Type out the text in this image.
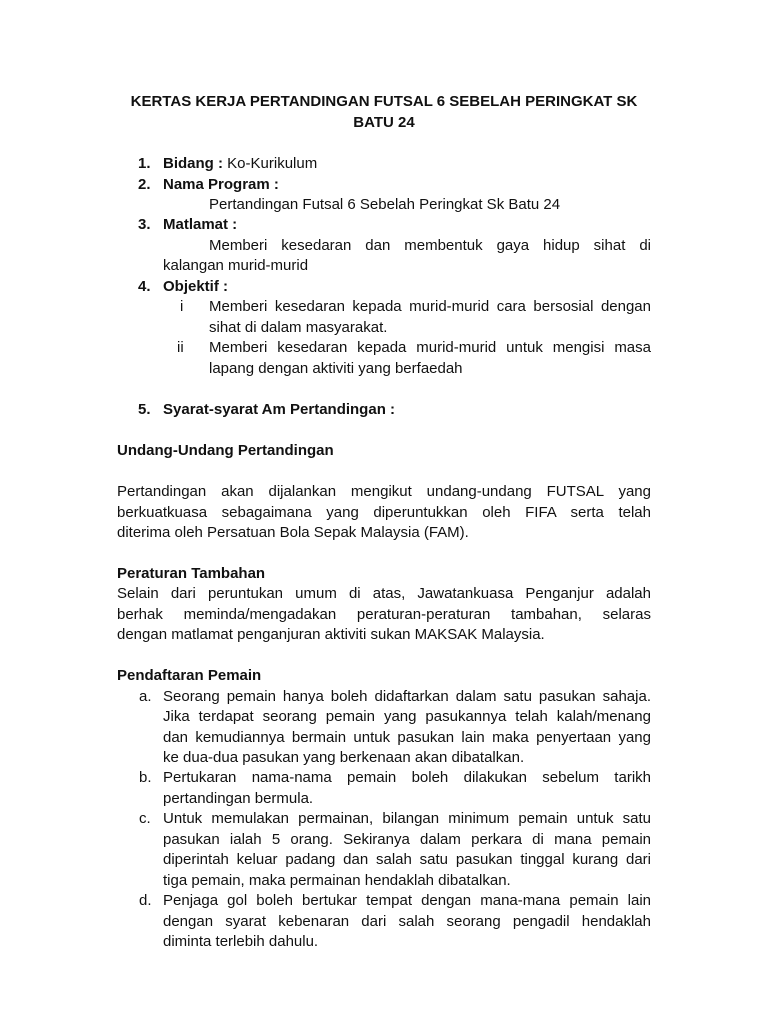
KERTAS KERJA PERTANDINGAN FUTSAL 6 SEBELAH PERINGKAT SK
BATU 24
1. Bidang : Ko-Kurikulum
2. Nama Program :
Pertandingan Futsal 6 Sebelah Peringkat Sk Batu 24
3. Matlamat :
Memberi kesedaran dan membentuk gaya hidup sihat di
kalangan murid-murid
4. Objektif :
i Memberi kesedaran kepada murid-murid cara bersosial dengan
sihat di dalam masyarakat.
ii Memberi kesedaran kepada murid-murid untuk mengisi masa
lapang dengan aktiviti yang berfaedah
5. Syarat-syarat Am Pertandingan :
Undang-Undang Pertandingan
Pertandingan akan dijalankan mengikut undang-undang FUTSAL yang
berkuatkuasa sebagaimana yang diperuntukkan oleh FIFA serta telah
diterima oleh Persatuan Bola Sepak Malaysia (FAM).
Peraturan Tambahan
Selain dari peruntukan umum di atas, Jawatankuasa Penganjur adalah
berhak meminda/mengadakan peraturan-peraturan tambahan, selaras
dengan matlamat penganjuran aktiviti sukan MAKSAK Malaysia.
Pendaftaran Pemain
a. Seorang pemain hanya boleh didaftarkan dalam satu pasukan sahaja.
Jika terdapat seorang pemain yang pasukannya telah kalah/menang
dan kemudiannya bermain untuk pasukan lain maka penyertaan yang
ke dua-dua pasukan yang berkenaan akan dibatalkan.
b. Pertukaran nama-nama pemain boleh dilakukan sebelum tarikh
pertandingan bermula.
c. Untuk memulakan permainan, bilangan minimum pemain untuk satu
pasukan ialah 5 orang. Sekiranya dalam perkara di mana pemain
diperintah keluar padang dan salah satu pasukan tinggal kurang dari
tiga pemain, maka permainan hendaklah dibatalkan.
d. Penjaga gol boleh bertukar tempat dengan mana-mana pemain lain
dengan syarat kebenaran dari salah seorang pengadil hendaklah
diminta terlebih dahulu.
